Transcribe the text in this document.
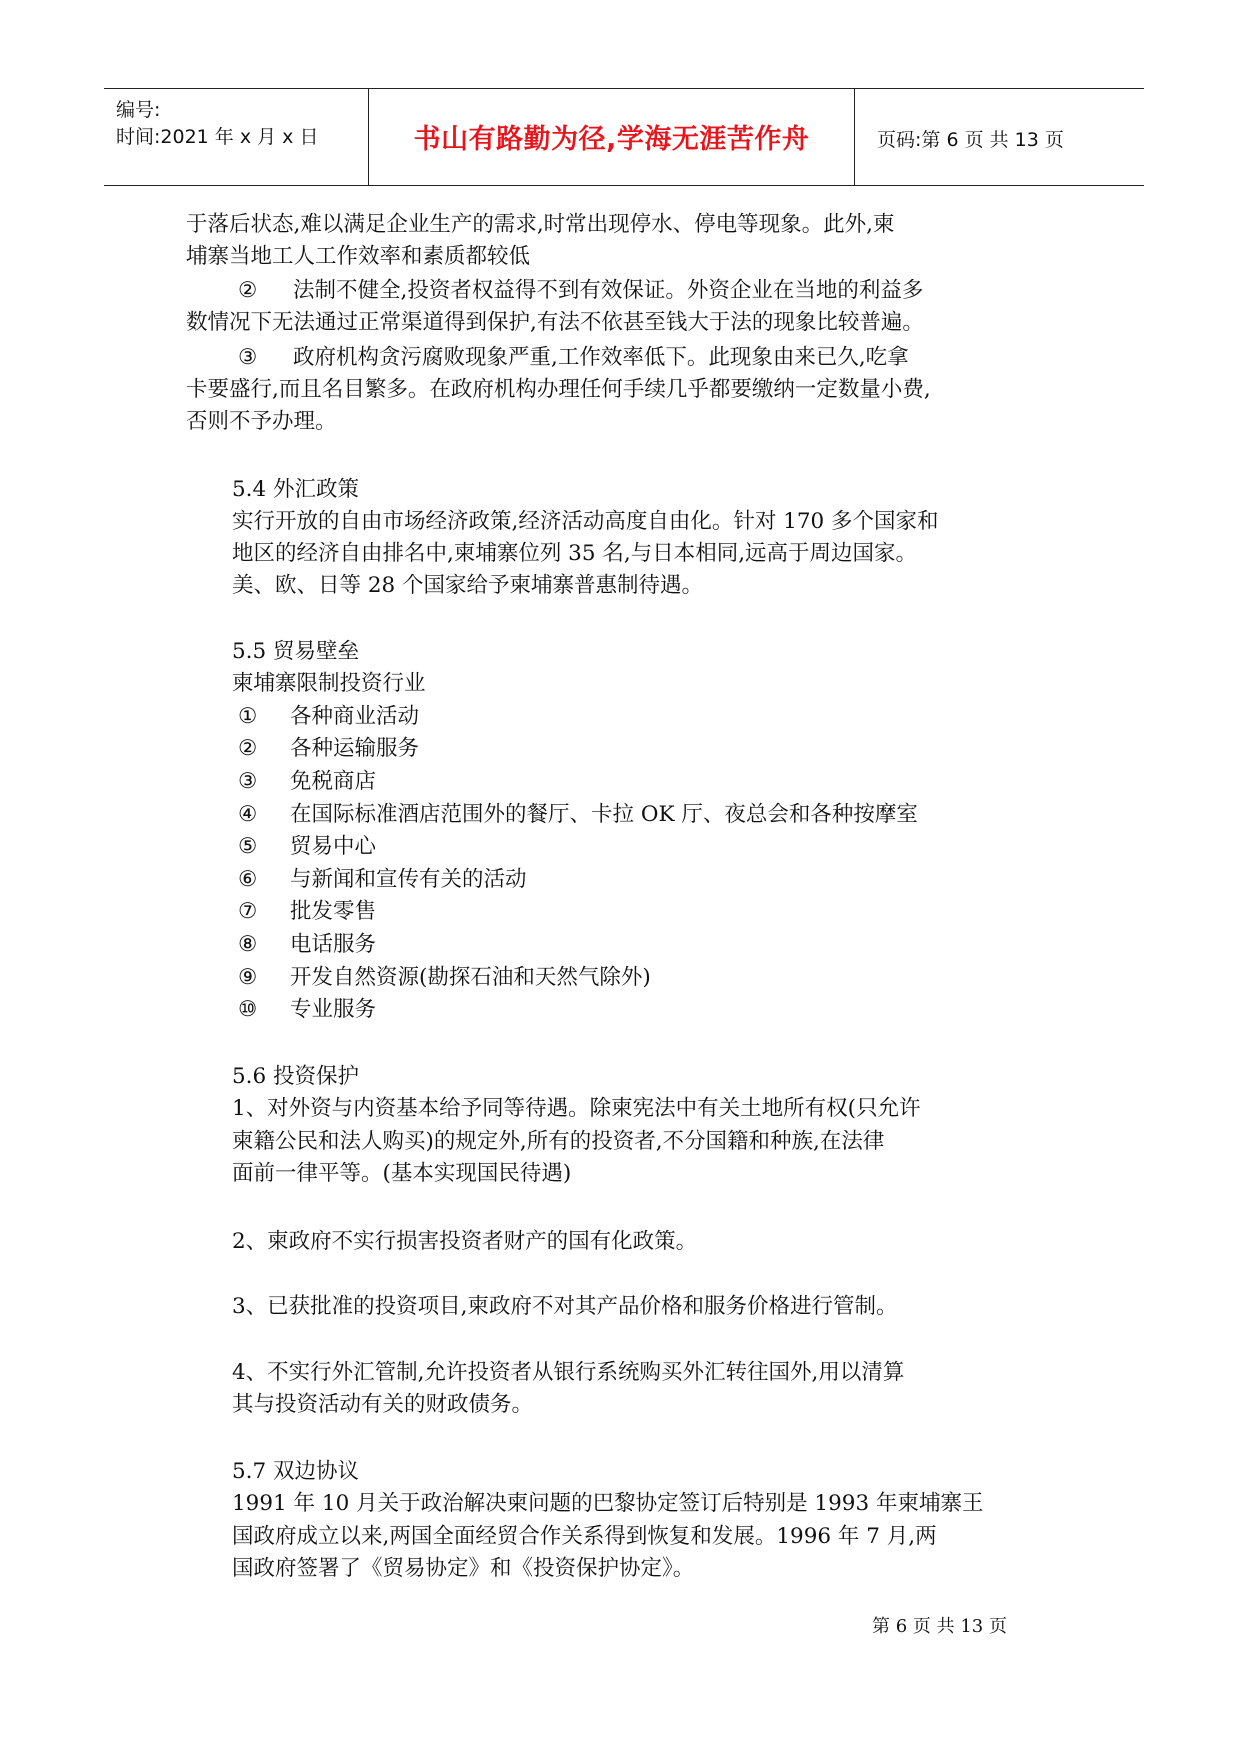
编号:
时间:2021 年 x 月 x 日	书山有路勤为径,学海无涯苦作舟	页码:第 6 页 共 13 页
于落后状态,难以满足企业生产的需求,时常出现停水、停电等现象。此外,柬
埔寨当地工人工作效率和素质都较低
② 法制不健全,投资者权益得不到有效保证。外资企业在当地的利益多
数情况下无法通过正常渠道得到保护,有法不依甚至钱大于法的现象比较普遍。
③ 政府机构贪污腐败现象严重,工作效率低下。此现象由来已久,吃拿
卡要盛行,而且名目繁多。在政府机构办理任何手续几乎都要缴纳一定数量小费,
否则不予办理。
5.4 外汇政策
实行开放的自由市场经济政策,经济活动高度自由化。针对 170 多个国家和
地区的经济自由排名中,柬埔寨位列 35 名,与日本相同,远高于周边国家。
美、欧、日等 28 个国家给予柬埔寨普惠制待遇。
5.5 贸易壁垒
柬埔寨限制投资行业
① 各种商业活动
② 各种运输服务
③ 免税商店
④ 在国际标准酒店范围外的餐厅、卡拉 OK 厅、夜总会和各种按摩室
⑤ 贸易中心
⑥ 与新闻和宣传有关的活动
⑦ 批发零售
⑧ 电话服务
⑨ 开发自然资源(勘探石油和天然气除外)
⑩ 专业服务
5.6 投资保护
1、对外资与内资基本给予同等待遇。除柬宪法中有关土地所有权(只允许
柬籍公民和法人购买)的规定外,所有的投资者,不分国籍和种族,在法律
面前一律平等。(基本实现国民待遇)
2、柬政府不实行损害投资者财产的国有化政策。
3、已获批准的投资项目,柬政府不对其产品价格和服务价格进行管制。
4、不实行外汇管制,允许投资者从银行系统购买外汇转往国外,用以清算
其与投资活动有关的财政债务。
5.7 双边协议
1991 年 10 月关于政治解决柬问题的巴黎协定签订后特别是 1993 年柬埔寨王
国政府成立以来,两国全面经贸合作关系得到恢复和发展。1996 年 7 月,两
国政府签署了《贸易协定》和《投资保护协定》。
第 6 页 共 13 页
